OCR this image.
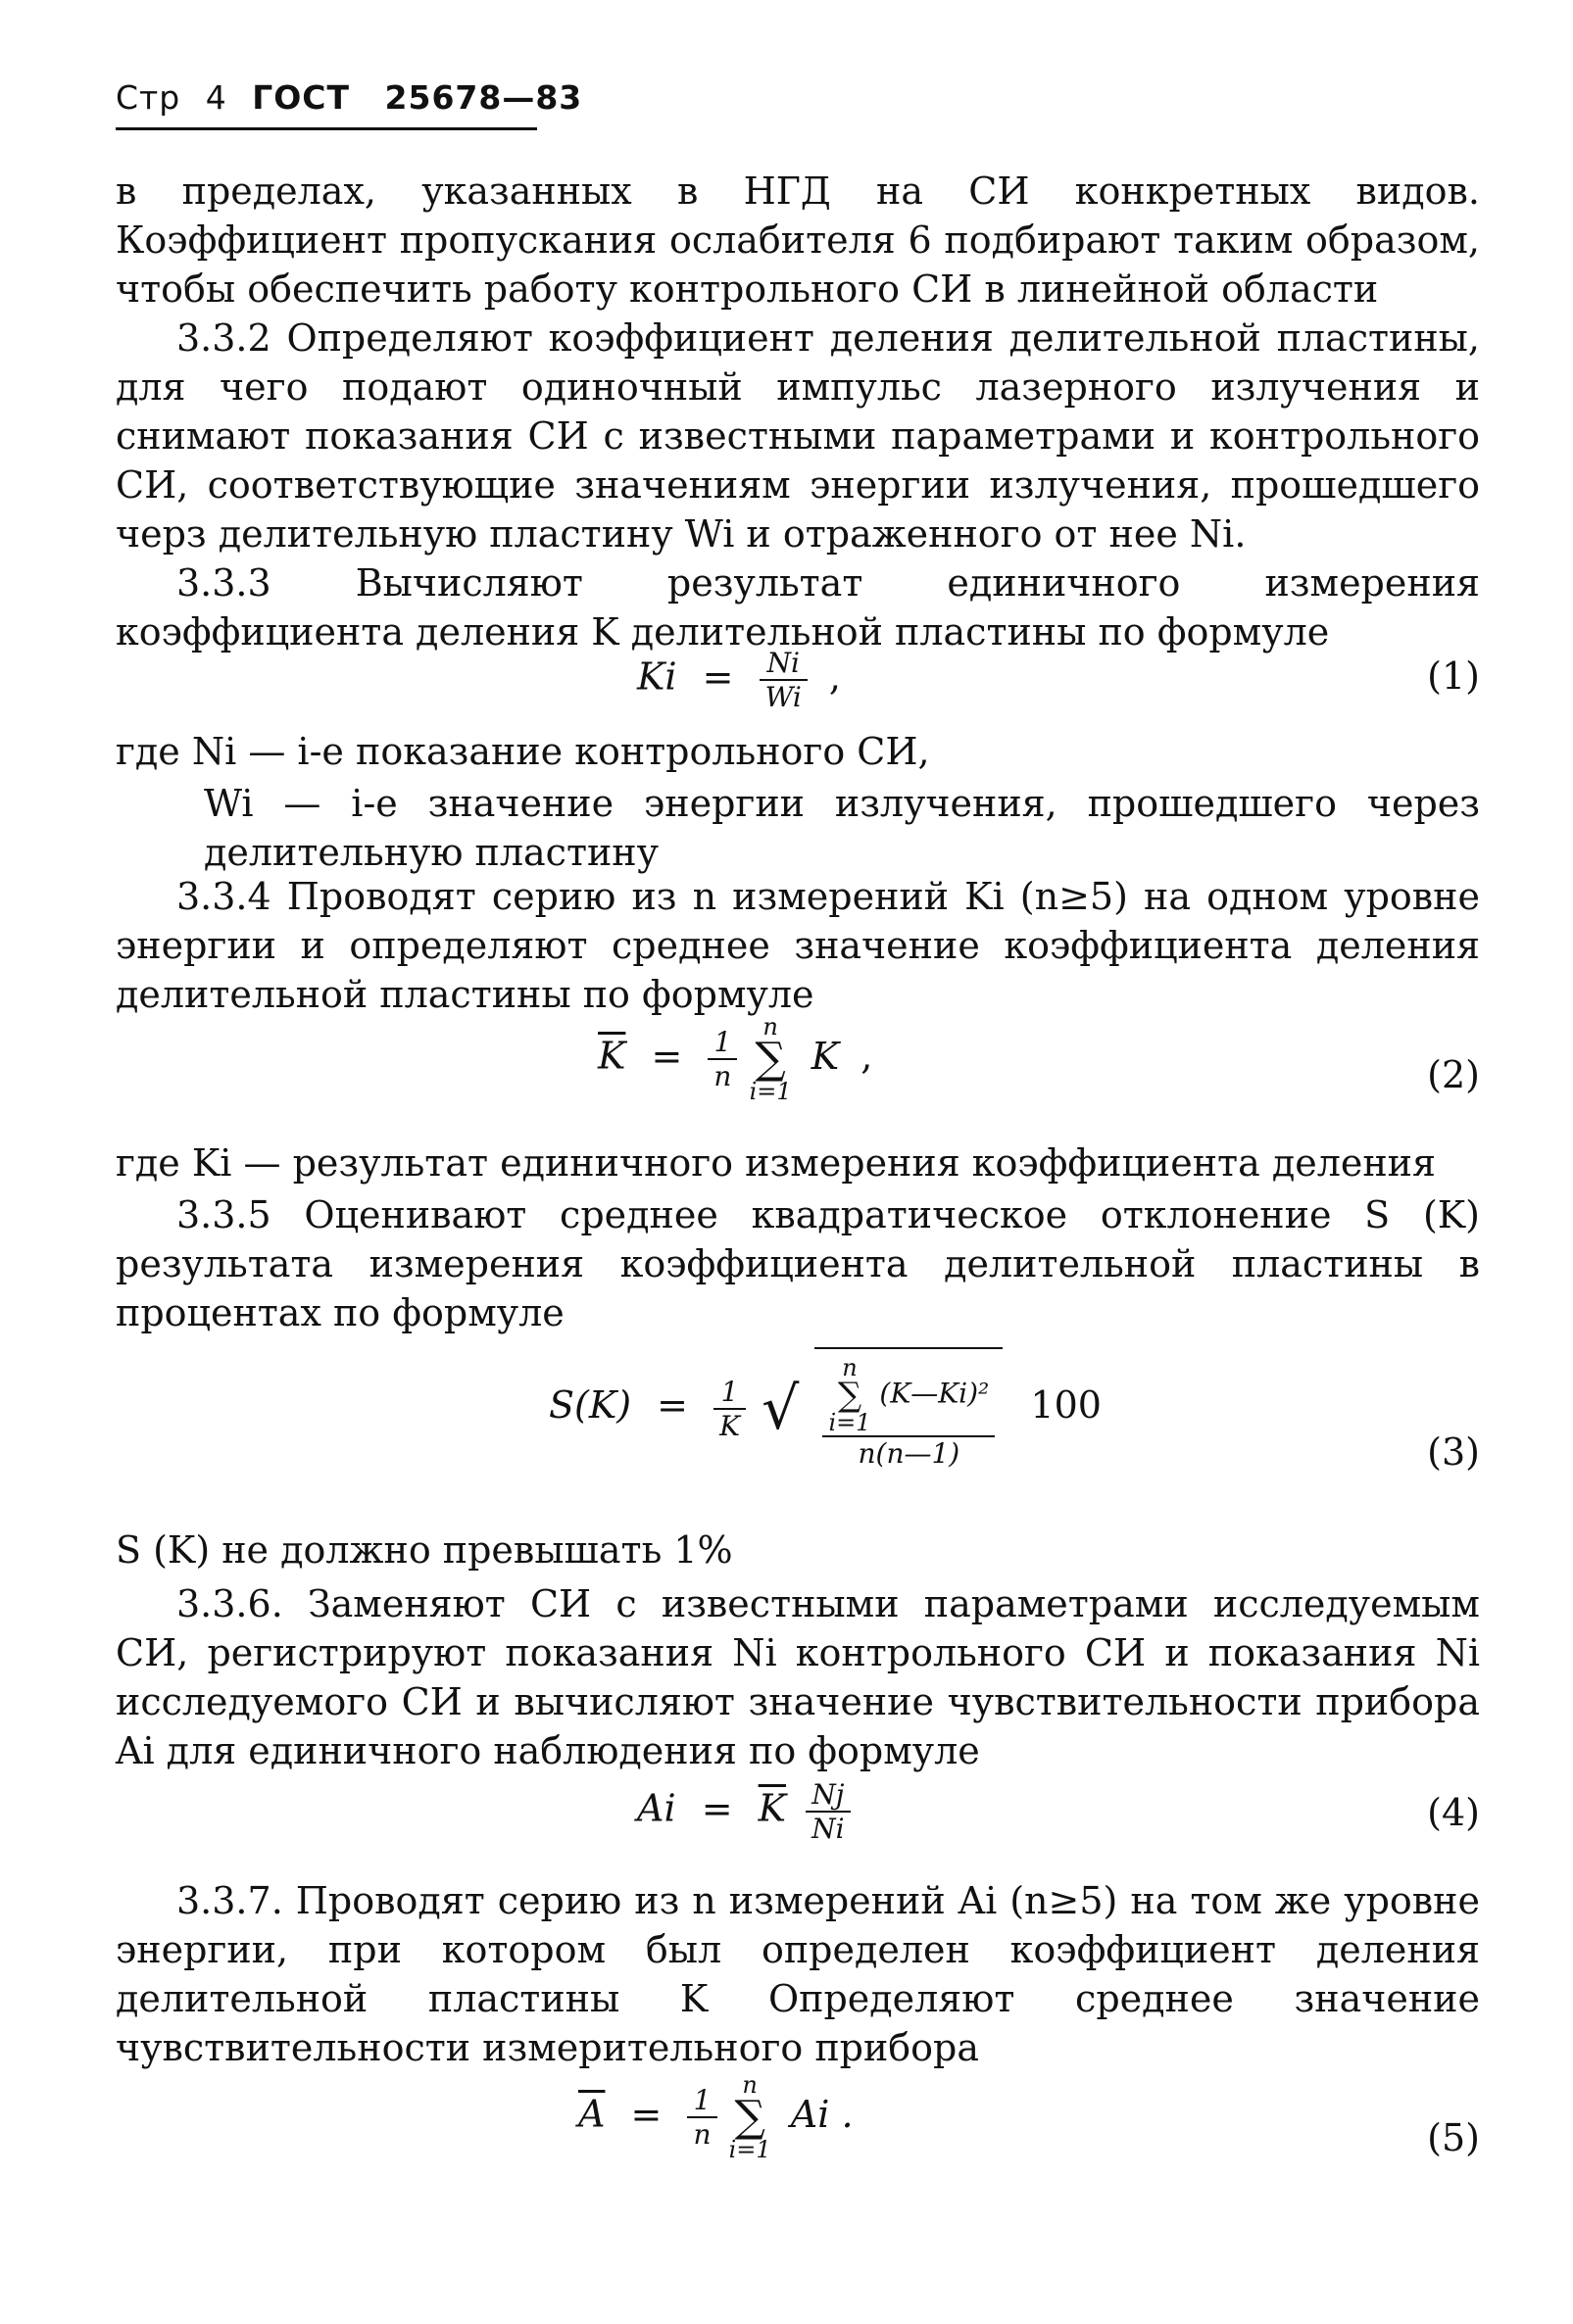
Стр 4 ГОСТ 25678—83

в пределах, указанных в НГД на СИ конкретных видов. Коэффициент пропускания ослабителя 6 подбирают таким образом, чтобы обеспечить работу контрольного СИ в линейной области

3.3.2 Определяют коэффициент деления делительной пластины, для чего подают одиночный импульс лазерного излучения и снимают показания СИ с известными параметрами и контрольного СИ, соответствующие значениям энергии излучения, прошедшего черз делительную пластину Wi и отраженного от нее Ni.

3.3.3 Вычисляют результат единичного измерения коэффициента деления K делительной пластины по формуле

$Ki = \frac{Ni}{Wi}$ ,	(1)

где Ni — i-е показание контрольного СИ,

Wi — i-е значение энергии излучения, прошедшего через делительную пластину

3.3.4 Проводят серию из n измерений Ki (n≥5) на одном уровне энергии и определяют среднее значение коэффициента деления делительной пластины по формуле

$\overline{K} = \frac{1}{n}$
	n
∑
i=1
K ,	(2)

где Ki — результат единичного измерения коэффициента деления

3.3.5 Оценивают среднее квадратическое отклонение S (K) результата измерения коэффициента делительной пластины в процентах по формуле

$S(K) = \frac{1}{K}$ √ n
∑
i=1
(K—Ki)²
n(n—1) 100
(3)

S (K) не должно превышать 1%

3.3.6. Заменяют СИ с известными параметрами исследуемым СИ, регистрируют показания Ni контрольного СИ и показания Ni исследуемого СИ и вычисляют значение чувствительности прибора Ai для единичного наблюдения по формуле

$Ai = \overline{K} \frac{Nj}{Ni}$	(4)

3.3.7. Проводят серию из n измерений Ai (n≥5) на том же уровне энергии, при котором был определен коэффициент деления делительной пластины K Определяют среднее значение чувствительности измерительного прибора

$\overline{A} = \frac{1}{n}$
	n
∑
i=1
Ai .
(5)
